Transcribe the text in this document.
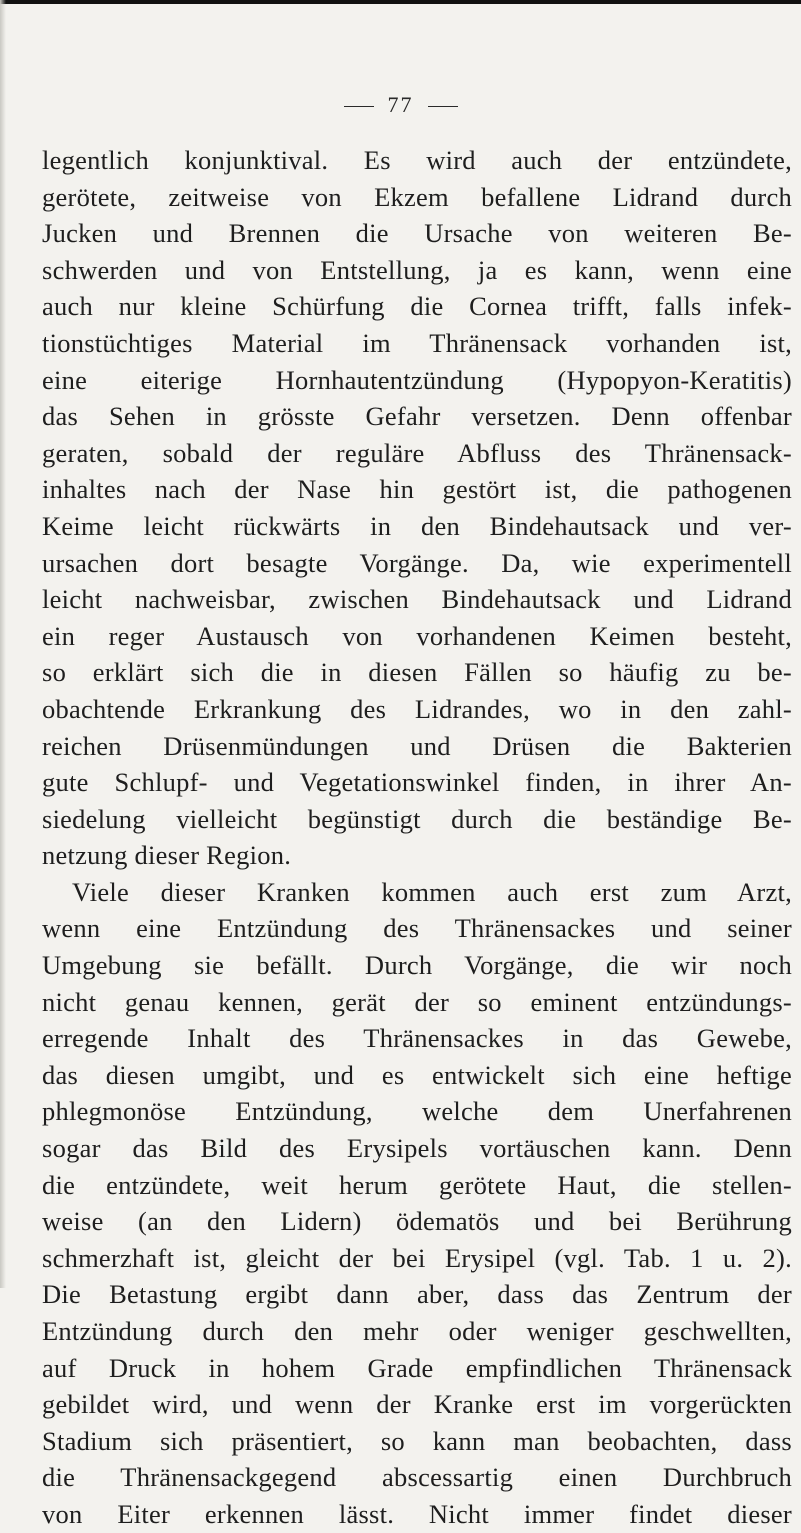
77
legentlich konjunktival. Es wird auch der entzündete,
gerötete, zeitweise von Ekzem befallene Lidrand durch
Jucken und Brennen die Ursache von weiteren Be-
schwerden und von Entstellung, ja es kann, wenn eine
auch nur kleine Schürfung die Cornea trifft, falls infek-
tionstüchtiges Material im Thränensack vorhanden ist,
eine eiterige Hornhautentzündung (Hypopyon-Keratitis)
das Sehen in grösste Gefahr versetzen. Denn offenbar
geraten, sobald der reguläre Abfluss des Thränensack-
inhaltes nach der Nase hin gestört ist, die pathogenen
Keime leicht rückwärts in den Bindehautsack und ver-
ursachen dort besagte Vorgänge. Da, wie experimentell
leicht nachweisbar, zwischen Bindehautsack und Lidrand
ein reger Austausch von vorhandenen Keimen besteht,
so erklärt sich die in diesen Fällen so häufig zu be-
obachtende Erkrankung des Lidrandes, wo in den zahl-
reichen Drüsenmündungen und Drüsen die Bakterien
gute Schlupf- und Vegetationswinkel finden, in ihrer An-
siedelung vielleicht begünstigt durch die beständige Be-
netzung dieser Region.
Viele dieser Kranken kommen auch erst zum Arzt,
wenn eine Entzündung des Thränensackes und seiner
Umgebung sie befällt. Durch Vorgänge, die wir noch
nicht genau kennen, gerät der so eminent entzündungs-
erregende Inhalt des Thränensackes in das Gewebe,
das diesen umgibt, und es entwickelt sich eine heftige
phlegmonöse Entzündung, welche dem Unerfahrenen
sogar das Bild des Erysipels vortäuschen kann. Denn
die entzündete, weit herum gerötete Haut, die stellen-
weise (an den Lidern) ödematös und bei Berührung
schmerzhaft ist, gleicht der bei Erysipel (vgl. Tab. 1 u. 2).
Die Betastung ergibt dann aber, dass das Zentrum der
Entzündung durch den mehr oder weniger geschwellten,
auf Druck in hohem Grade empfindlichen Thränensack
gebildet wird, und wenn der Kranke erst im vorgerückten
Stadium sich präsentiert, so kann man beobachten, dass
die Thränensackgegend abscessartig einen Durchbruch
von Eiter erkennen lässt. Nicht immer findet dieser
